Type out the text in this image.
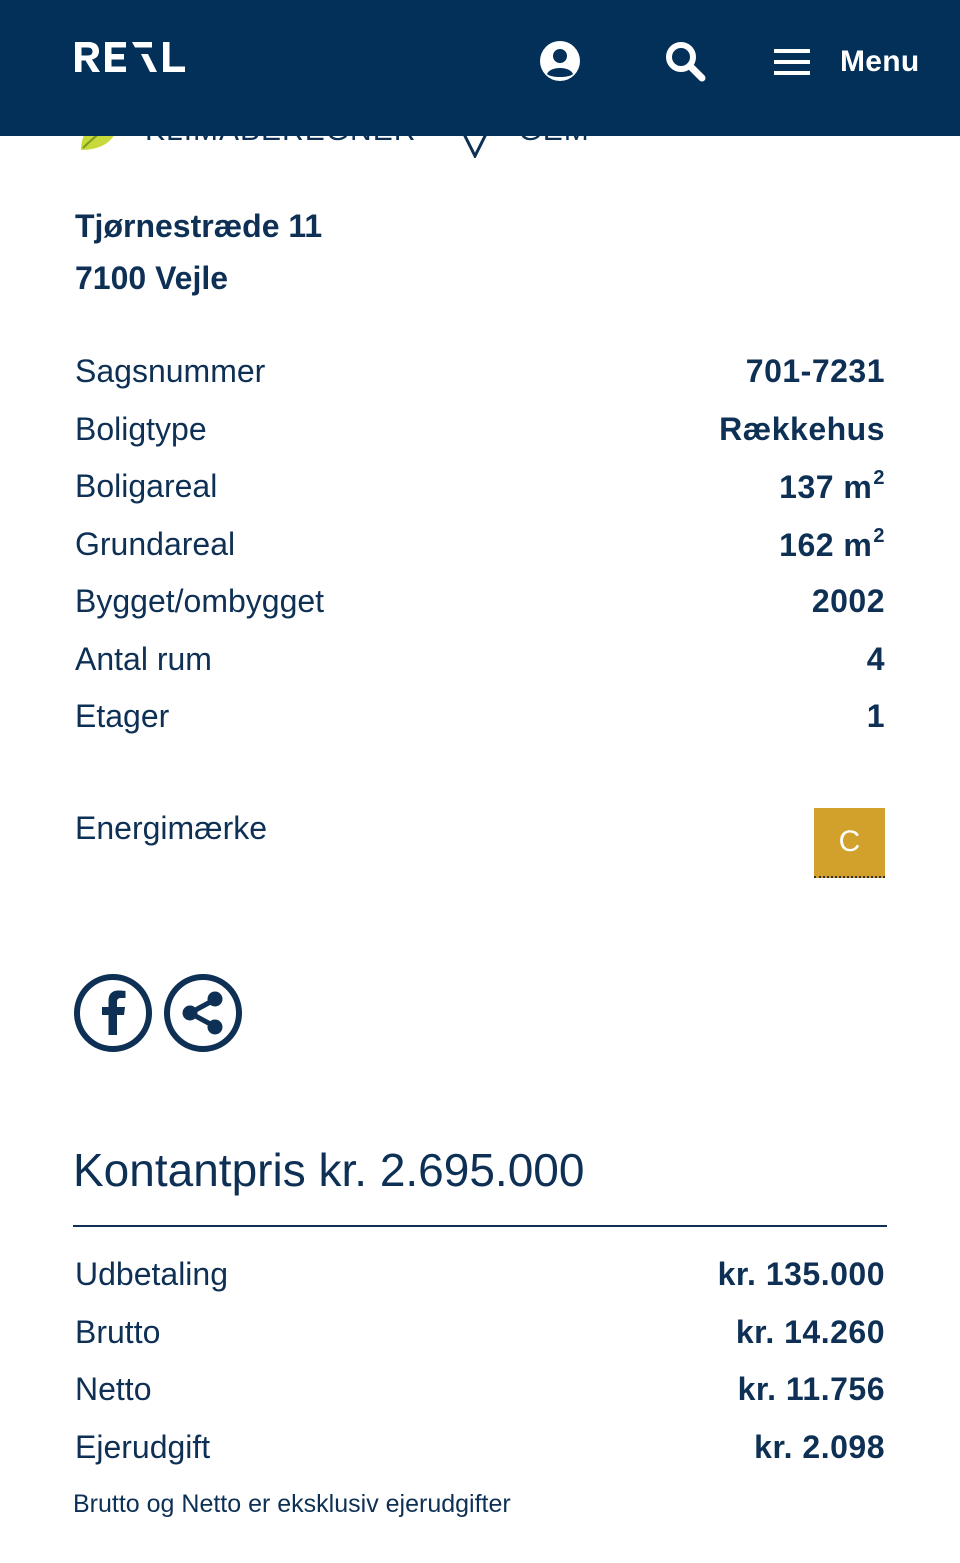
Menu
Tjørnestræde 11
7100 Vejle
Sagsnummer	701-7231
Boligtype	Rækkehus
Boligareal	137 $m^2$
Grundareal	162 $m^2$
Bygget/ombygget	2002
Antal rum	4
Etager	1
Energimærke	C
Kontantpris kr. 2.695.000
Udbetaling	kr. 135.000
Brutto	kr. 14.260
Netto	kr. 11.756
Ejerudgift	kr. 2.098
Brutto og Netto er eksklusiv ejerudgifter
